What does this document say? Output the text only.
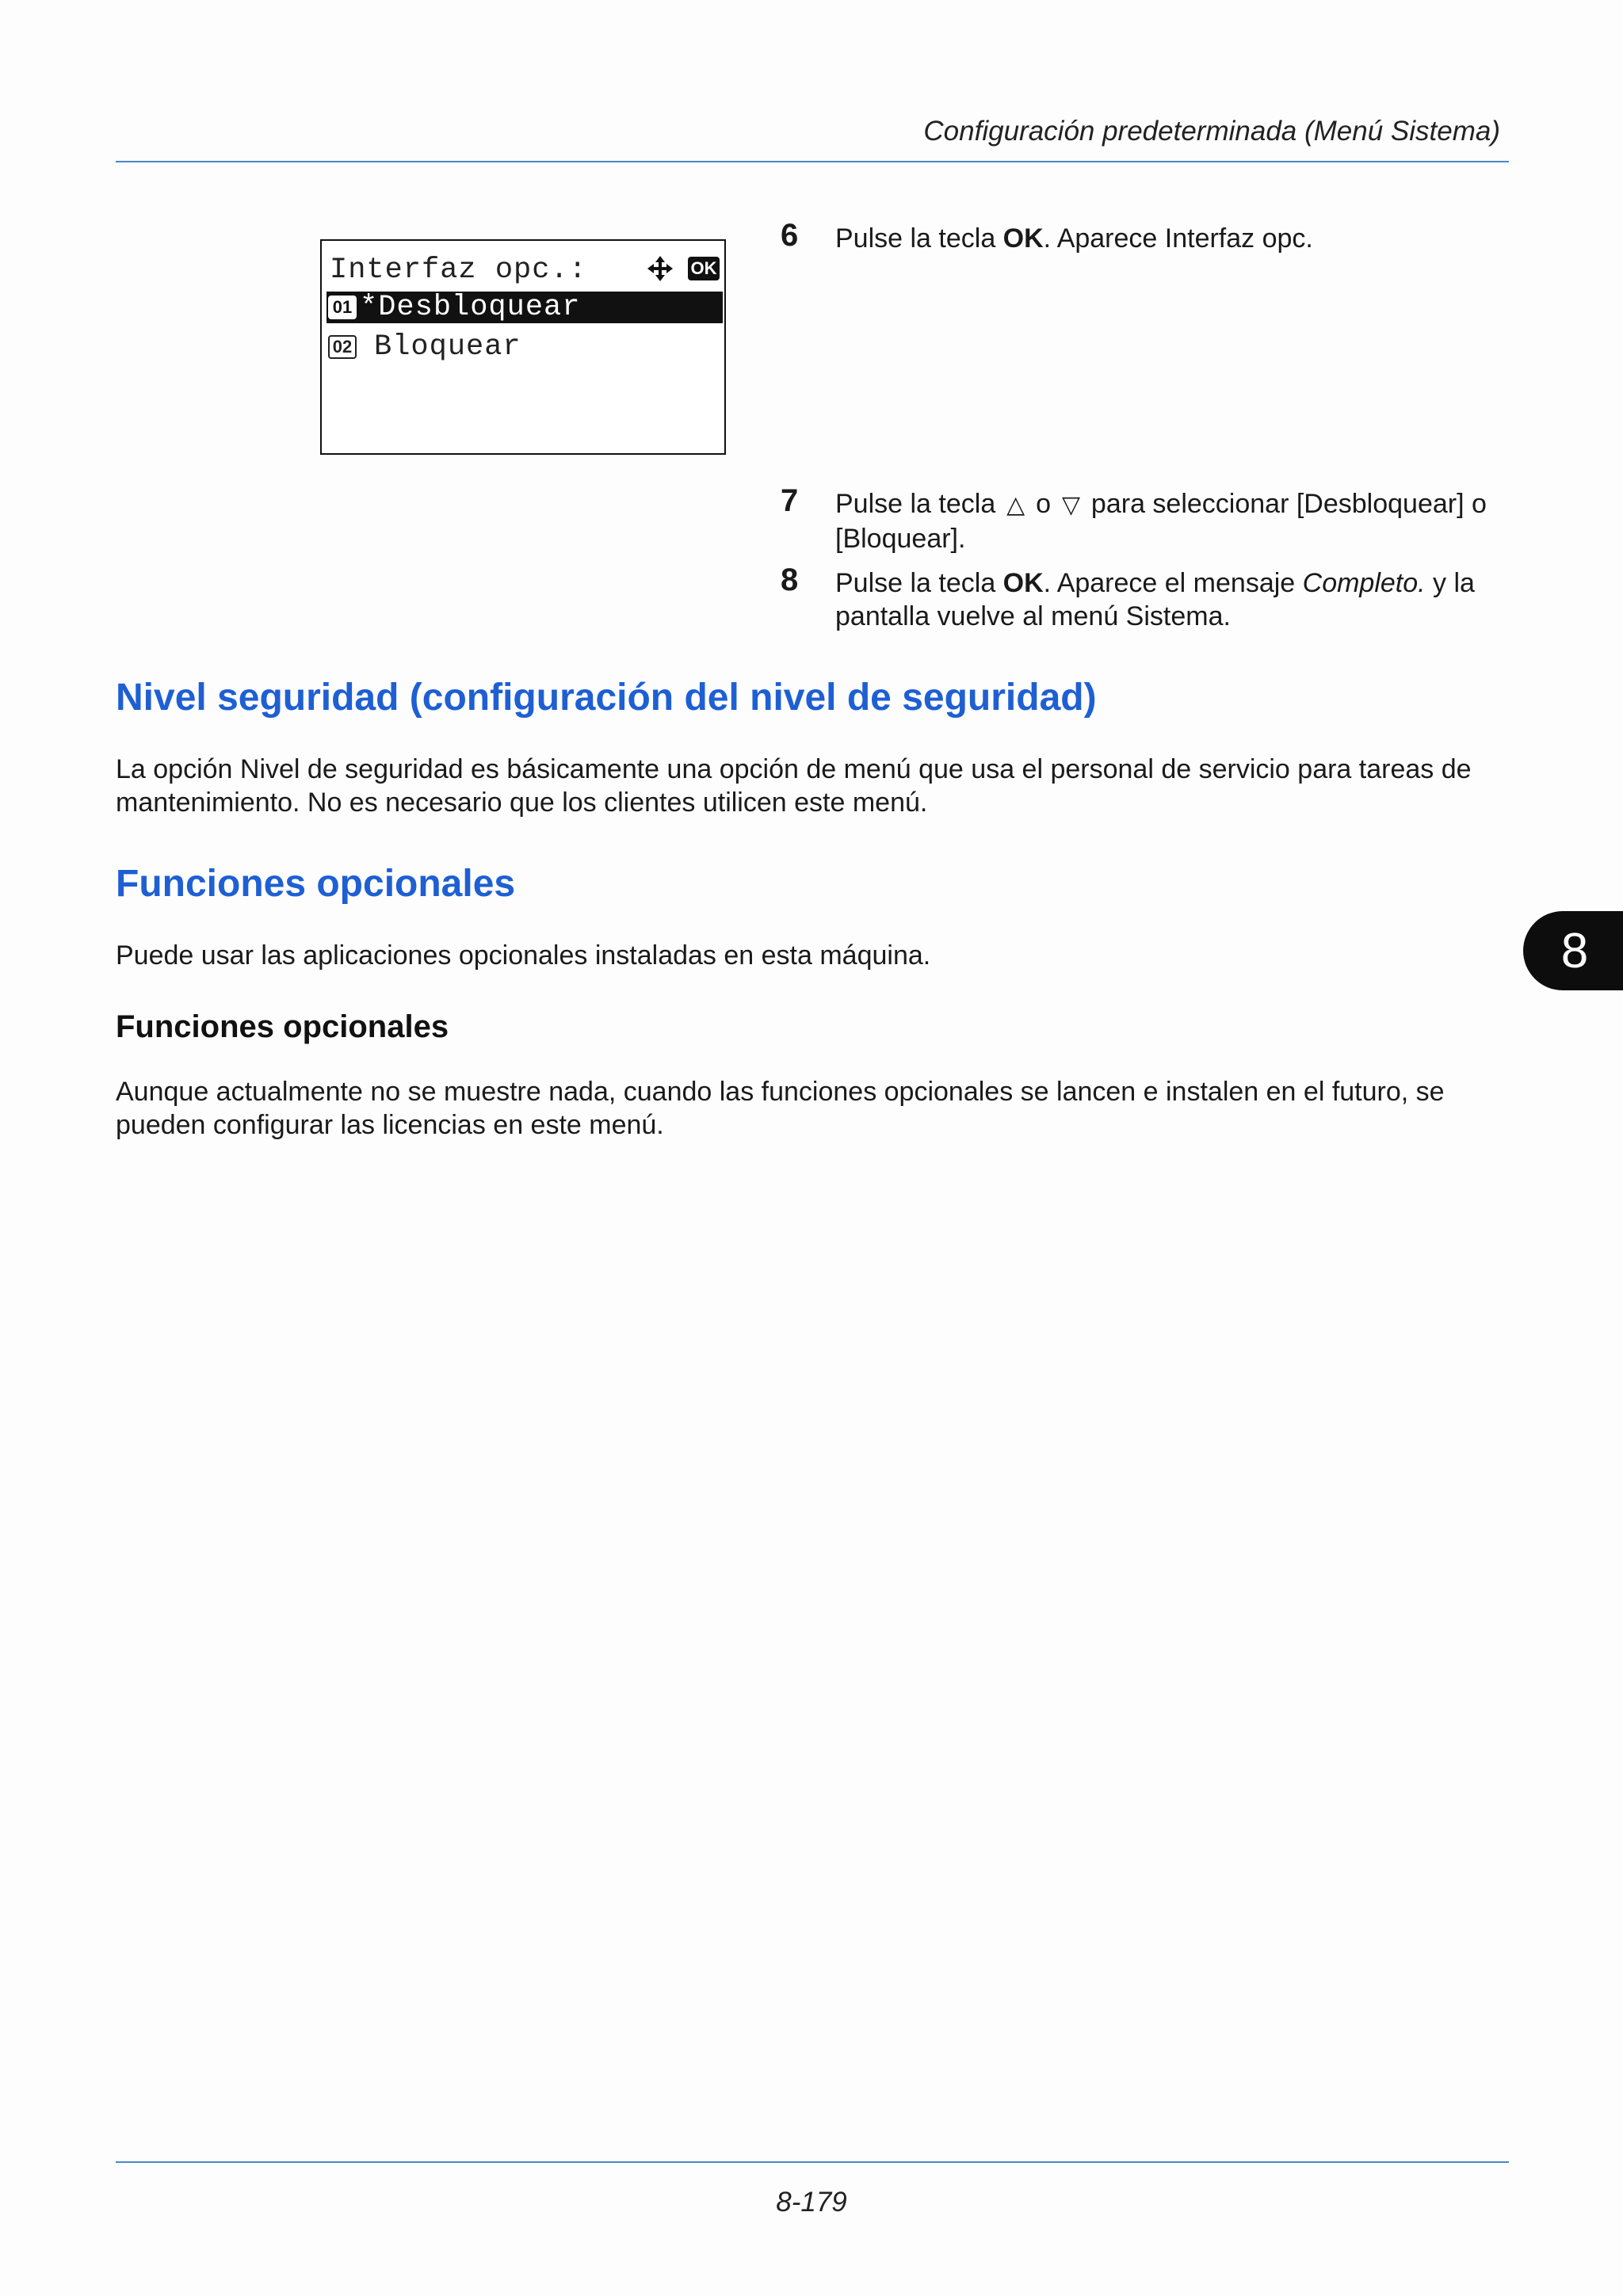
Configuración predeterminada (Menú Sistema)
Interfaz opc.:	OK
01 *Desbloquear
02 Bloquear
6 Pulse la tecla OK. Aparece Interfaz opc.
7 Pulse la tecla △ o ▽ para seleccionar [Desbloquear] o [Bloquear].
8 Pulse la tecla OK. Aparece el mensaje Completo. y la pantalla vuelve al menú Sistema.
Nivel seguridad (configuración del nivel de seguridad)

La opción Nivel de seguridad es básicamente una opción de menú que usa el personal de servicio para tareas de mantenimiento. No es necesario que los clientes utilicen este menú.

Funciones opcionales

Puede usar las aplicaciones opcionales instaladas en esta máquina.

Funciones opcionales

Aunque actualmente no se muestre nada, cuando las funciones opcionales se lancen e instalen en el futuro, se pueden configurar las licencias en este menú.

8
8-179
